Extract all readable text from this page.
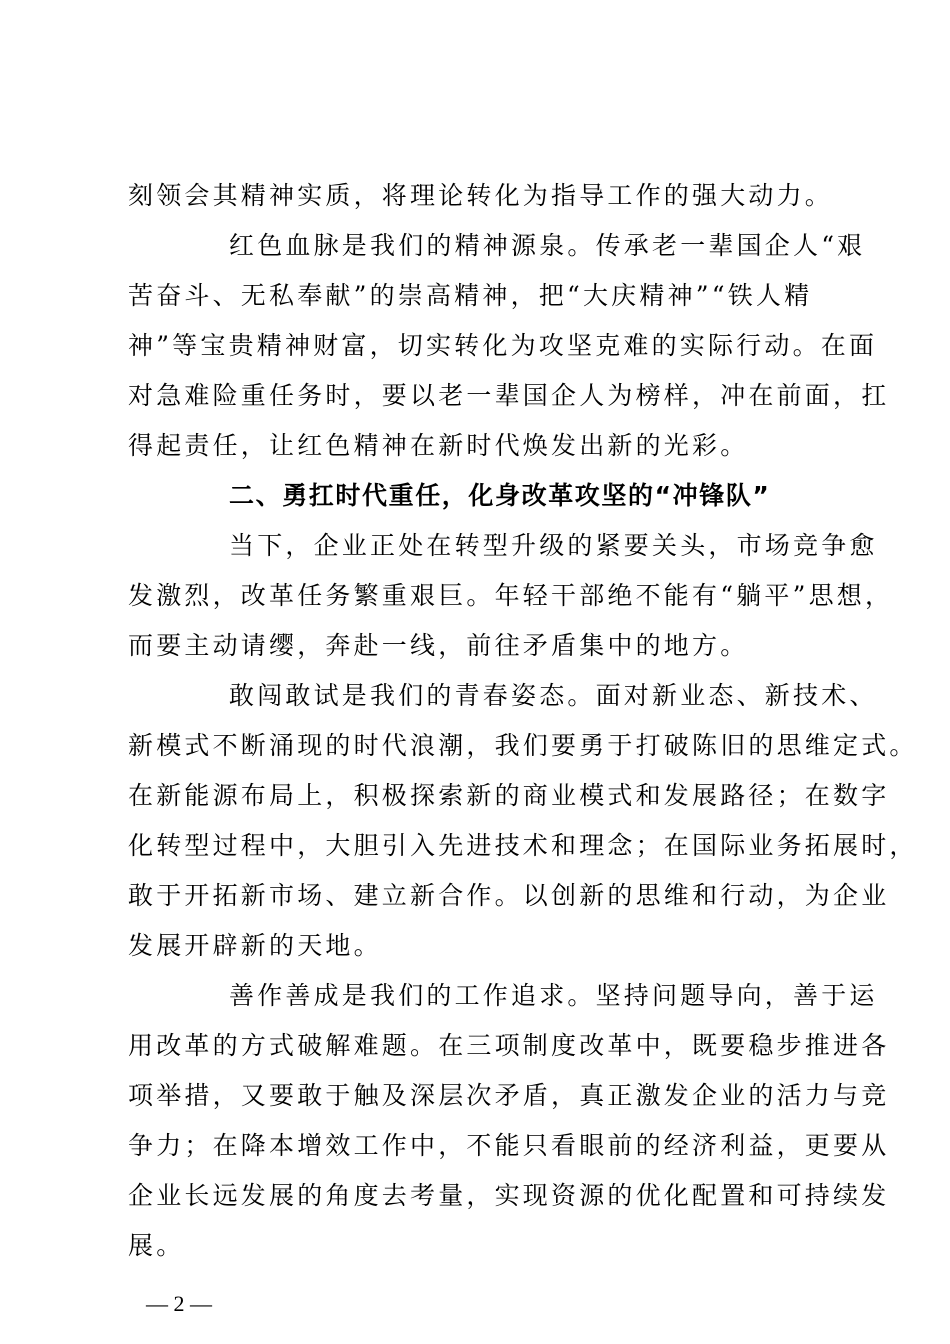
刻领会其精神实质，将理论转化为指导工作的强大动力。
红色血脉是我们的精神源泉。传承老一辈国企人“艰
苦奋斗、无私奉献”的崇高精神，把“大庆精神”“铁人精
神”等宝贵精神财富，切实转化为攻坚克难的实际行动。在面
对急难险重任务时，要以老一辈国企人为榜样，冲在前面，扛
得起责任，让红色精神在新时代焕发出新的光彩。
二、勇扛时代重任，化身改革攻坚的“冲锋队”
当下，企业正处在转型升级的紧要关头，市场竞争愈
发激烈，改革任务繁重艰巨。年轻干部绝不能有“躺平”思想，
而要主动请缨，奔赴一线，前往矛盾集中的地方。
敢闯敢试是我们的青春姿态。面对新业态、新技术、
新模式不断涌现的时代浪潮，我们要勇于打破陈旧的思维定式。
在新能源布局上，积极探索新的商业模式和发展路径；在数字
化转型过程中，大胆引入先进技术和理念；在国际业务拓展时，
敢于开拓新市场、建立新合作。以创新的思维和行动，为企业
发展开辟新的天地。
善作善成是我们的工作追求。坚持问题导向，善于运
用改革的方式破解难题。在三项制度改革中，既要稳步推进各
项举措，又要敢于触及深层次矛盾，真正激发企业的活力与竞
争力；在降本增效工作中，不能只看眼前的经济利益，更要从
企业长远发展的角度去考量，实现资源的优化配置和可持续发
展。
— 2 —
